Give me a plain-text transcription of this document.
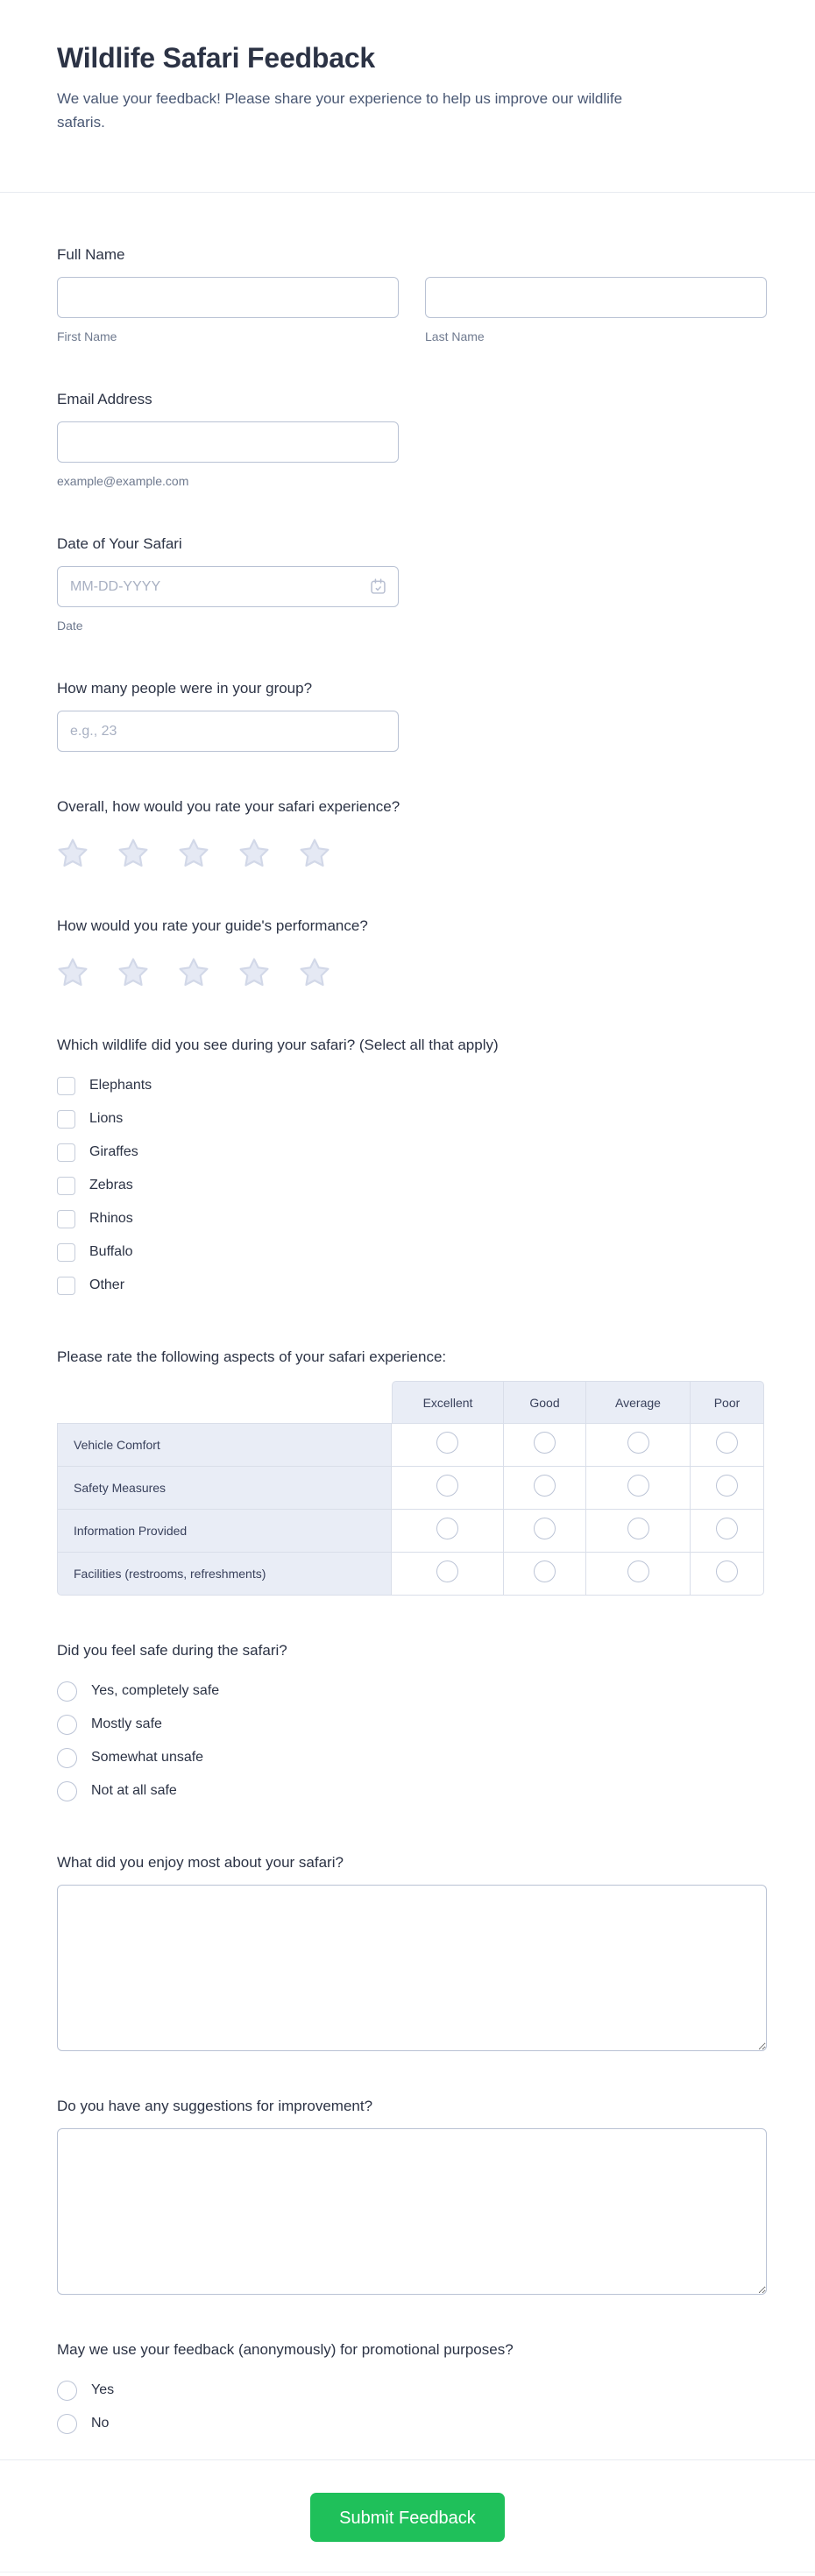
Wildlife Safari Feedback
We value your feedback! Please share your experience to help us improve our wildlife safaris.
Full Name
First Name	Last Name
Email Address
example@example.com
Date of Your Safari
MM-DD-YYYY
Date
How many people were in your group?
e.g., 23
Overall, how would you rate your safari experience?
How would you rate your guide's performance?
Which wildlife did you see during your safari? (Select all that apply)
Elephants
Lions
Giraffes
Zebras
Rhinos
Buffalo
Other
Please rate the following aspects of your safari experience:
	Excellent	Good	Average	Poor
Vehicle Comfort				
Safety Measures				
Information Provided				
Facilities (restrooms, refreshments)				
Did you feel safe during the safari?
Yes, completely safe
Mostly safe
Somewhat unsafe
Not at all safe
What did you enjoy most about your safari?
Do you have any suggestions for improvement?
May we use your feedback (anonymously) for promotional purposes?
Yes
No
Submit Feedback
